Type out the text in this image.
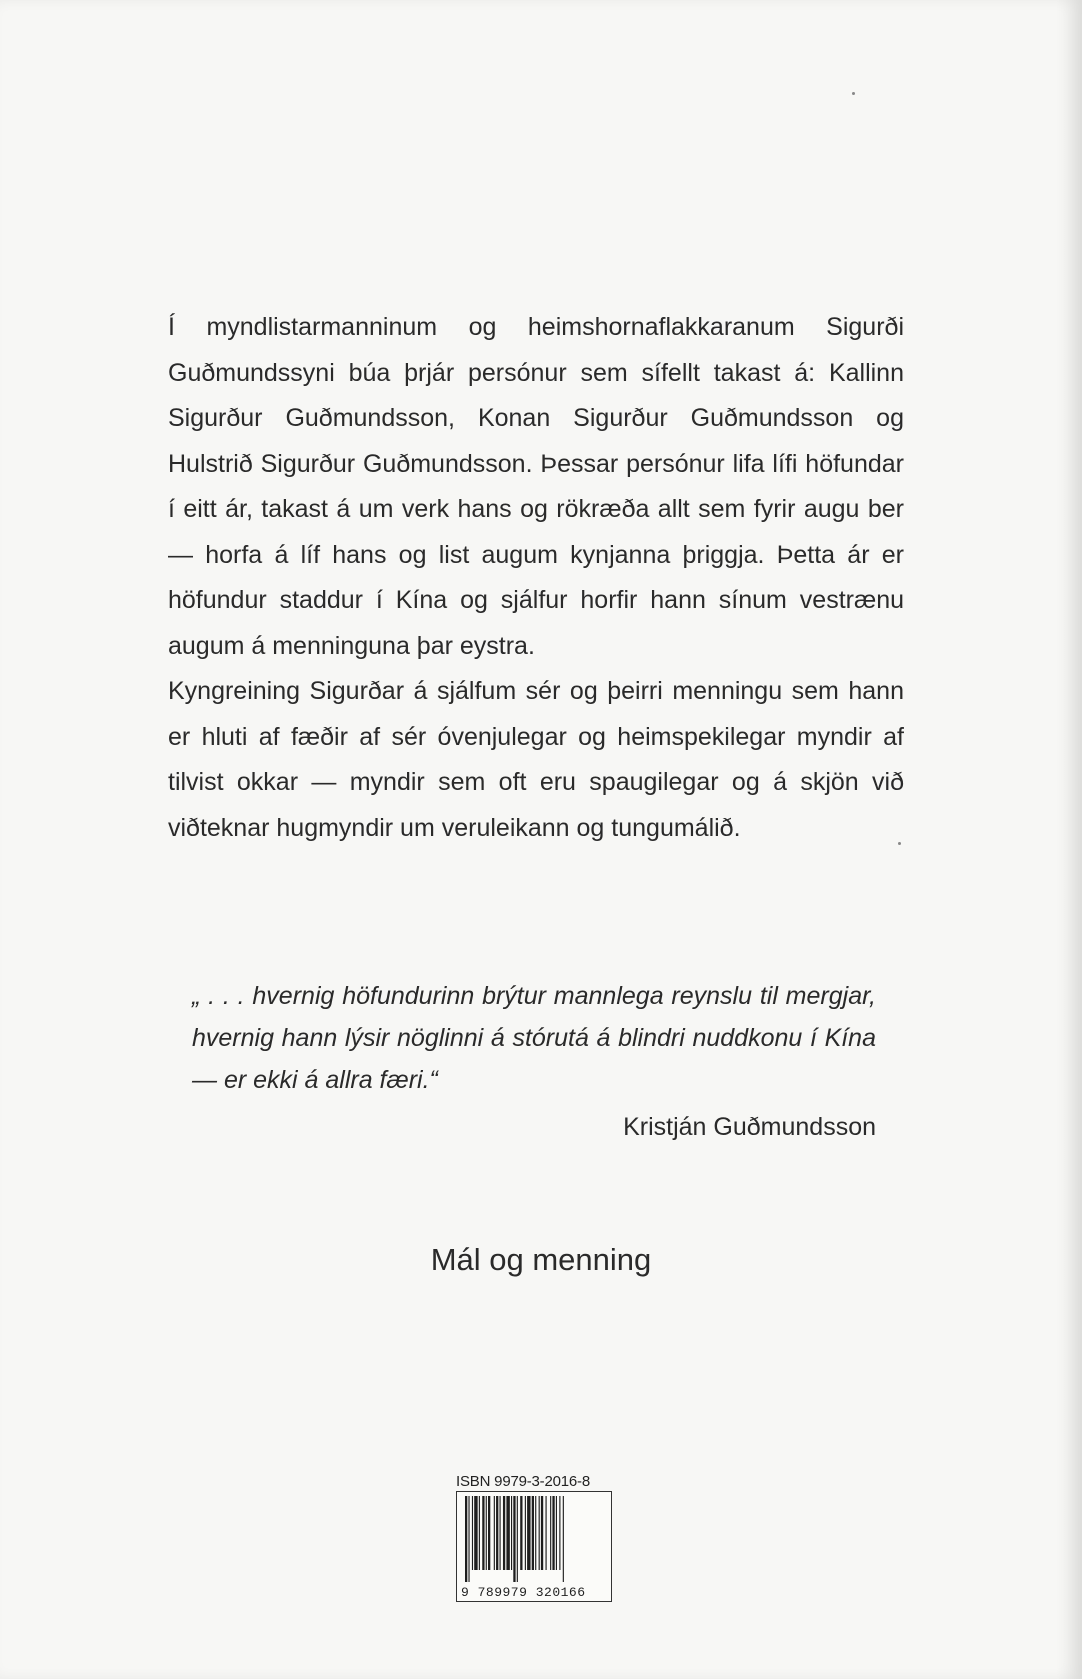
Í myndlistarmanninum og heimshornaflakkaranum Sigurði Guðmundssyni búa þrjár persónur sem sífellt takast á: Kallinn Sigurður Guðmundsson, Konan Sigurður Guðmundsson og Hulstrið Sigurður Guðmundsson. Þessar persónur lifa lífi höfundar í eitt ár, takast á um verk hans og rökræða allt sem fyrir augu ber — horfa á líf hans og list augum kynjanna þriggja. Þetta ár er höfundur staddur í Kína og sjálfur horfir hann sínum vestrænu augum á menninguna þar eystra.

Kyngreining Sigurðar á sjálfum sér og þeirri menningu sem hann er hluti af fæðir af sér óvenjulegar og heimspekilegar myndir af tilvist okkar — myndir sem oft eru spaugilegar og á skjön við viðteknar hugmyndir um veruleikann og tungumálið.

„ . . . hvernig höfundurinn brýtur mannlega reynslu til mergjar, hvernig hann lýsir nöglinni á stórutá á blindri nuddkonu í Kína — er ekki á allra færi.“
Kristján Guðmundsson
Mál og menning
ISBN 9979-3-2016-8
9 789979 320166
